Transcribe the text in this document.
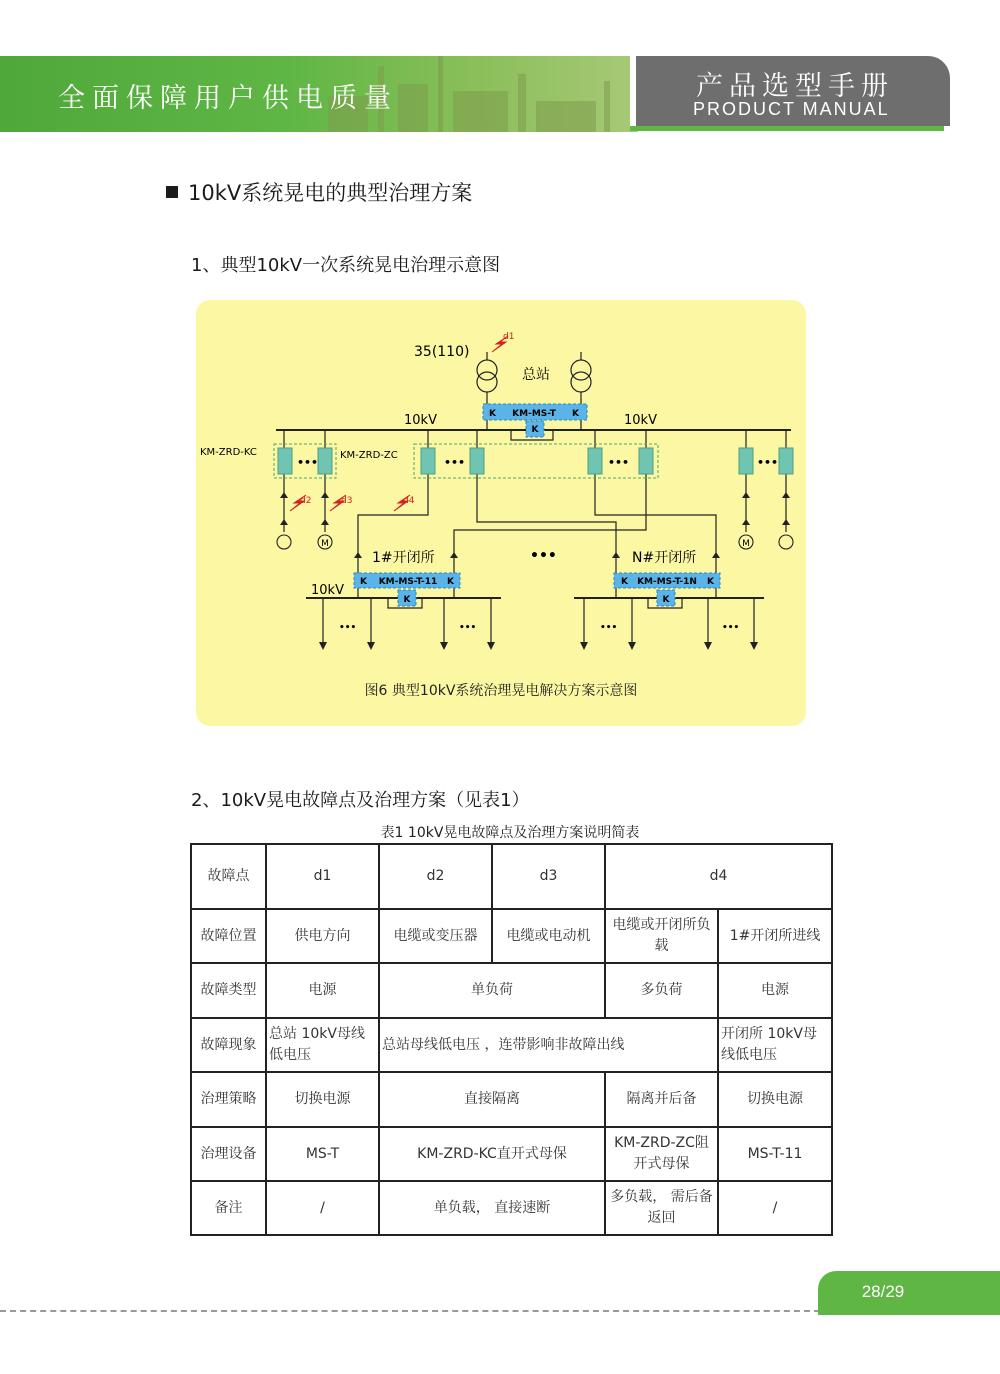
全面保障用户供电质量	产品选型手册
PRODUCT MANUAL
10kV系统晃电的典型治理方案
1、典型10kV一次系统晃电治理示意图
M	M
•••	•••	•••	•••
K	K
K
KM-MS-T
K	K
K
KM-MS-T-11	K	K
K
KM-MS-T-1N
d1
d2	d3	d4
35(110)
总站
10kV	10kV
KM-ZRD-KC	KM-ZRD-ZC
1#开闭所	N#开闭所
•••
10kV
•••	•••	•••	•••
图6 典型10kV系统治理晃电解决方案示意图
2、10kV晃电故障点及治理方案（见表1）
表1 10kV晃电故障点及治理方案说明简表
故障点	d1	d2	d3	d4	
故障位置	供电方向	电缆或变压器	电缆或电动机	电缆或开闭所负载	1#开闭所进线
故障类型	电源	单负荷		多负荷	电源
故障现象	总站 10kV母线低电压	总站母线低电压 ，连带影响非故障出线			开闭所 10kV母线低电压
治理策略	切换电源	直接隔离		隔离并后备	切换电源
治理设备	MS-T	KM-ZRD-KC直开式母保		KM-ZRD-ZC阻开式母保	MS-T-11
备注	/	单负载， 直接速断		多负载， 需后备返回	/
28/29
